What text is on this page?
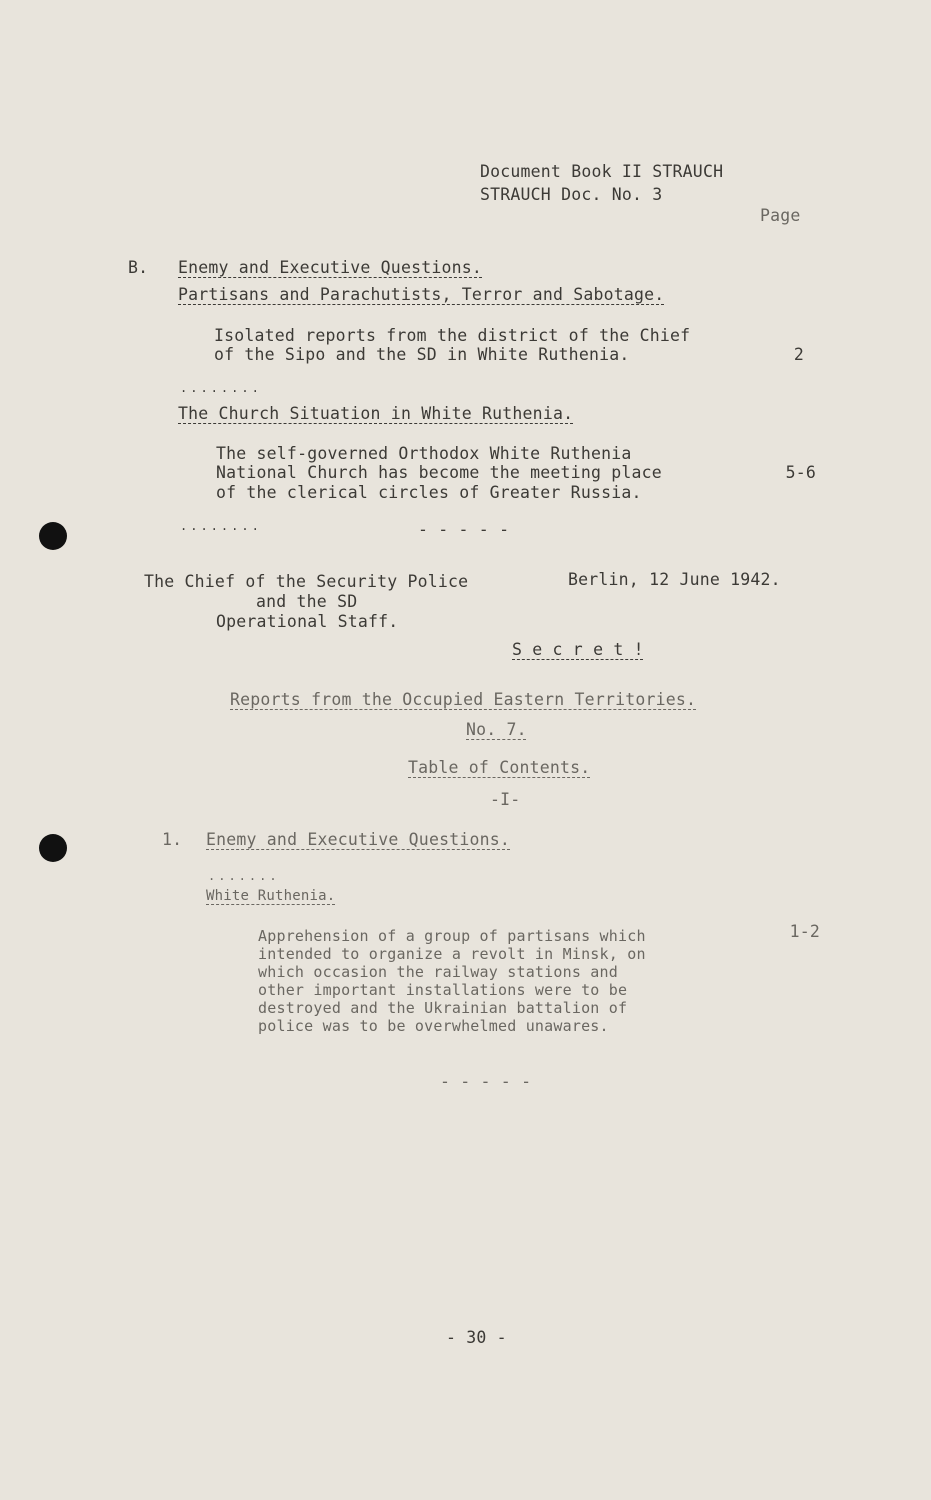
Document Book II STRAUCH
STRAUCH Doc. No. 3
Page
B. Enemy and Executive Questions.
Partisans and Parachutists, Terror and Sabotage.
Isolated reports from the district of the Chief
of the Sipo and the SD in White Ruthenia.	2
........
The Church Situation in White Ruthenia.
The self-governed Orthodox White Ruthenia
National Church has become the meeting place
of the clerical circles of Greater Russia.
5-6
........	- - - - -
The Chief of the Security Police
and the SD
Operational Staff.
Berlin, 12 June 1942.
S e c r e t !
Reports from the Occupied Eastern Territories.
No. 7.
Table of Contents.
-I-
1. Enemy and Executive Questions.
.......
White Ruthenia.
Apprehension of a group of partisans which
intended to organize a revolt in Minsk, on
which occasion the railway stations and
other important installations were to be
destroyed and the Ukrainian battalion of
police was to be overwhelmed unawares.
1-2
- - - - -
- 30 -
